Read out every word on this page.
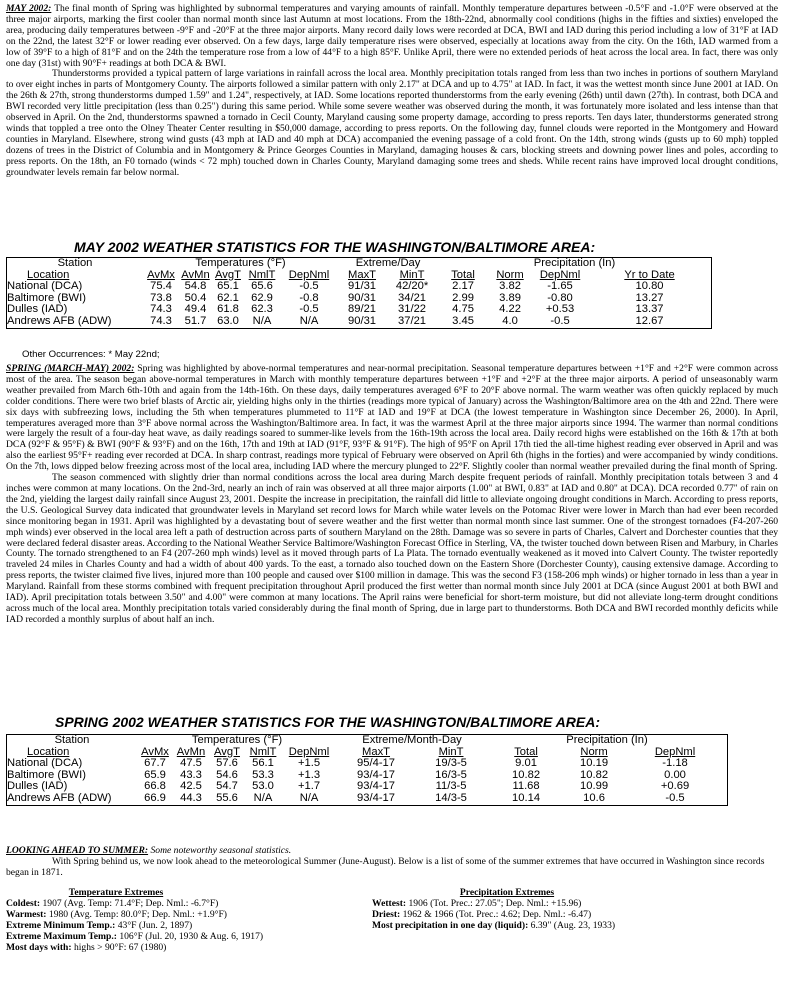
MAY 2002: The final month of Spring was highlighted by subnormal temperatures and varying amounts of rainfall. Monthly temperature departures between -0.5°F and -1.0°F were observed at the three major airports, marking the first cooler than normal month since last Autumn at most locations. From the 18th-22nd, abnormally cool conditions (highs in the fifties and sixties) enveloped the area, producing daily temperatures between -9°F and -20°F at the three major airports. Many record daily lows were recorded at DCA, BWI and IAD during this period including a low of 31°F at IAD on the 22nd, the latest 32°F or lower reading ever observed. On a few days, large daily temperature rises were observed, especially at locations away from the city. On the 16th, IAD warmed from a low of 39°F to a high of 81°F and on the 24th the temperature rose from a low of 44°F to a high 85°F. Unlike April, there were no extended periods of heat across the local area. In fact, there was only one day (31st) with 90°F+ readings at both DCA & BWI.

Thunderstorms provided a typical pattern of large variations in rainfall across the local area. Monthly precipitation totals ranged from less than two inches in portions of southern Maryland to over eight inches in parts of Montgomery County. The airports followed a similar pattern with only 2.17" at DCA and up to 4.75" at IAD. In fact, it was the wettest month since June 2001 at IAD. On the 26th & 27th, strong thunderstorms dumped 1.59" and 1.24", respectively, at IAD. Some locations reported thunderstorms from the early evening (26th) until dawn (27th). In contrast, both DCA and BWI recorded very little precipitation (less than 0.25") during this same period. While some severe weather was observed during the month, it was fortunately more isolated and less intense than that observed in April. On the 2nd, thunderstorms spawned a tornado in Cecil County, Maryland causing some property damage, according to press reports. Ten days later, thunderstorms generated strong winds that toppled a tree onto the Olney Theater Center resulting in $50,000 damage, according to press reports. On the following day, funnel clouds were reported in the Montgomery and Howard counties in Maryland. Elsewhere, strong wind gusts (43 mph at IAD and 40 mph at DCA) accompanied the evening passage of a cold front. On the 14th, strong winds (gusts up to 60 mph) toppled dozens of trees in the District of Columbia and in Montgomery & Prince Georges Counties in Maryland, damaging houses & cars, blocking streets and downing power lines and poles, according to press reports. On the 18th, an F0 tornado (winds < 72 mph) touched down in Charles County, Maryland damaging some trees and sheds. While recent rains have improved local drought conditions, groundwater levels remain far below normal.

MAY 2002 WEATHER STATISTICS FOR THE WASHINGTON/BALTIMORE AREA:
Station	Temperatures (°F)					Extreme/Day		Precipitation (In)			
Location	AvMx	AvMn	AvgT	NmlT	DepNml	MaxT	MinT	Total	Norm	DepNml	Yr to Date
National (DCA)	75.4	54.8	65.1	65.6	-0.5	91/31	42/20*	2.17	3.82	-1.65	10.80
Baltimore (BWI)	73.8	50.4	62.1	62.9	-0.8	90/31	34/21	2.99	3.89	-0.80	13.27
Dulles (IAD)	74.3	49.4	61.8	62.3	-0.5	89/21	31/22	4.75	4.22	+0.53	13.37
Andrews AFB (ADW)	74.3	51.7	63.0	N/A	N/A	90/31	37/21	3.45	4.0	-0.5	12.67
Other Occurrences: * May 22nd;

SPRING (MARCH-MAY) 2002: Spring was highlighted by above-normal temperatures and near-normal precipitation. Seasonal temperature departures between +1°F and +2°F were common across most of the area. The season began above-normal temperatures in March with monthly temperature departures between +1°F and +2°F at the three major airports. A period of unseasonably warm weather prevailed from March 6th-10th and again from the 14th-16th. On these days, daily temperatures averaged 6°F to 20°F above normal. The warm weather was often quickly replaced by much colder conditions. There were two brief blasts of Arctic air, yielding highs only in the thirties (readings more typical of January) across the Washington/Baltimore area on the 4th and 22nd. There were six days with subfreezing lows, including the 5th when temperatures plummeted to 11°F at IAD and 19°F at DCA (the lowest temperature in Washington since December 26, 2000). In April, temperatures averaged more than 3°F above normal across the Washington/Baltimore area. In fact, it was the warmest April at the three major airports since 1994. The warmer than normal conditions were largely the result of a four-day heat wave, as daily readings soared to summer-like levels from the 16th-19th across the local area. Daily record highs were established on the 16th & 17th at both DCA (92°F & 95°F) & BWI (90°F & 93°F) and on the 16th, 17th and 19th at IAD (91°F, 93°F & 91°F). The high of 95°F on April 17th tied the all-time highest reading ever observed in April and was also the earliest 95°F+ reading ever recorded at DCA. In sharp contrast, readings more typical of February were observed on April 6th (highs in the forties) and were accompanied by windy conditions. On the 7th, lows dipped below freezing across most of the local area, including IAD where the mercury plunged to 22°F. Slightly cooler than normal weather prevailed during the final month of Spring.

The season commenced with slightly drier than normal conditions across the local area during March despite frequent periods of rainfall. Monthly precipitation totals between 3 and 4 inches were common at many locations. On the 2nd-3rd, nearly an inch of rain was observed at all three major airports (1.00" at BWI, 0.83" at IAD and 0.80" at DCA). DCA recorded 0.77" of rain on the 2nd, yielding the largest daily rainfall since August 23, 2001. Despite the increase in precipitation, the rainfall did little to alleviate ongoing drought conditions in March. According to press reports, the U.S. Geological Survey data indicated that groundwater levels in Maryland set record lows for March while water levels on the Potomac River were lower in March than had ever been recorded since monitoring began in 1931. April was highlighted by a devastating bout of severe weather and the first wetter than normal month since last summer. One of the strongest tornadoes (F4-207-260 mph winds) ever observed in the local area left a path of destruction across parts of southern Maryland on the 28th. Damage was so severe in parts of Charles, Calvert and Dorchester counties that they were declared federal disaster areas. According to the National Weather Service Baltimore/Washington Forecast Office in Sterling, VA, the twister touched down between Risen and Marbury, in Charles County. The tornado strengthened to an F4 (207-260 mph winds) level as it moved through parts of La Plata. The tornado eventually weakened as it moved into Calvert County. The twister reportedly traveled 24 miles in Charles County and had a width of about 400 yards. To the east, a tornado also touched down on the Eastern Shore (Dorchester County), causing extensive damage. According to press reports, the twister claimed five lives, injured more than 100 people and caused over $100 million in damage. This was the second F3 (158-206 mph winds) or higher tornado in less than a year in Maryland. Rainfall from these storms combined with frequent precipitation throughout April produced the first wetter than normal month since July 2001 at DCA (since August 2001 at both BWI and IAD). April precipitation totals between 3.50" and 4.00" were common at many locations. The April rains were beneficial for short-term moisture, but did not alleviate long-term drought conditions across much of the local area. Monthly precipitation totals varied considerably during the final month of Spring, due in large part to thunderstorms. Both DCA and BWI recorded monthly deficits while IAD recorded a monthly surplus of about half an inch.

SPRING 2002 WEATHER STATISTICS FOR THE WASHINGTON/BALTIMORE AREA:
Station	Temperatures (°F)					Extreme/Month-Day		Precipitation (In)		
Location	AvMx	AvMn	AvgT	NmlT	DepNml	MaxT	MinT	Total	Norm	DepNml
National (DCA)	67.7	47.5	57.6	56.1	+1.5	95/4-17	19/3-5	9.01	10.19	-1.18
Baltimore (BWI)	65.9	43.3	54.6	53.3	+1.3	93/4-17	16/3-5	10.82	10.82	0.00
Dulles (IAD)	66.8	42.5	54.7	53.0	+1.7	93/4-17	11/3-5	11.68	10.99	+0.69
Andrews AFB (ADW)	66.9	44.3	55.6	N/A	N/A	93/4-17	14/3-5	10.14	10.6	-0.5

LOOKING AHEAD TO SUMMER: Some noteworthy seasonal statistics.

With Spring behind us, we now look ahead to the meteorological Summer (June-August). Below is a list of some of the summer extremes that have occurred in Washington since records began in 1871.

Temperature Extremes
Coldest: 1907 (Avg. Temp: 71.4°F; Dep. Nml.: -6.7°F)
Warmest: 1980 (Avg. Temp: 80.0°F; Dep. Nml.: +1.9°F)
Extreme Minimum Temp.: 43°F (Jun. 2, 1897)
Extreme Maximum Temp.: 106°F (Jul. 20, 1930 & Aug. 6, 1917)
Most days with: highs > 90°F: 67 (1980)
Precipitation Extremes
Wettest: 1906 (Tot. Prec.: 27.05"; Dep. Nml.: +15.96)
Driest: 1962 & 1966 (Tot. Prec.: 4.62; Dep. Nml.: -6.47)
Most precipitation in one day (liquid): 6.39" (Aug. 23, 1933)
